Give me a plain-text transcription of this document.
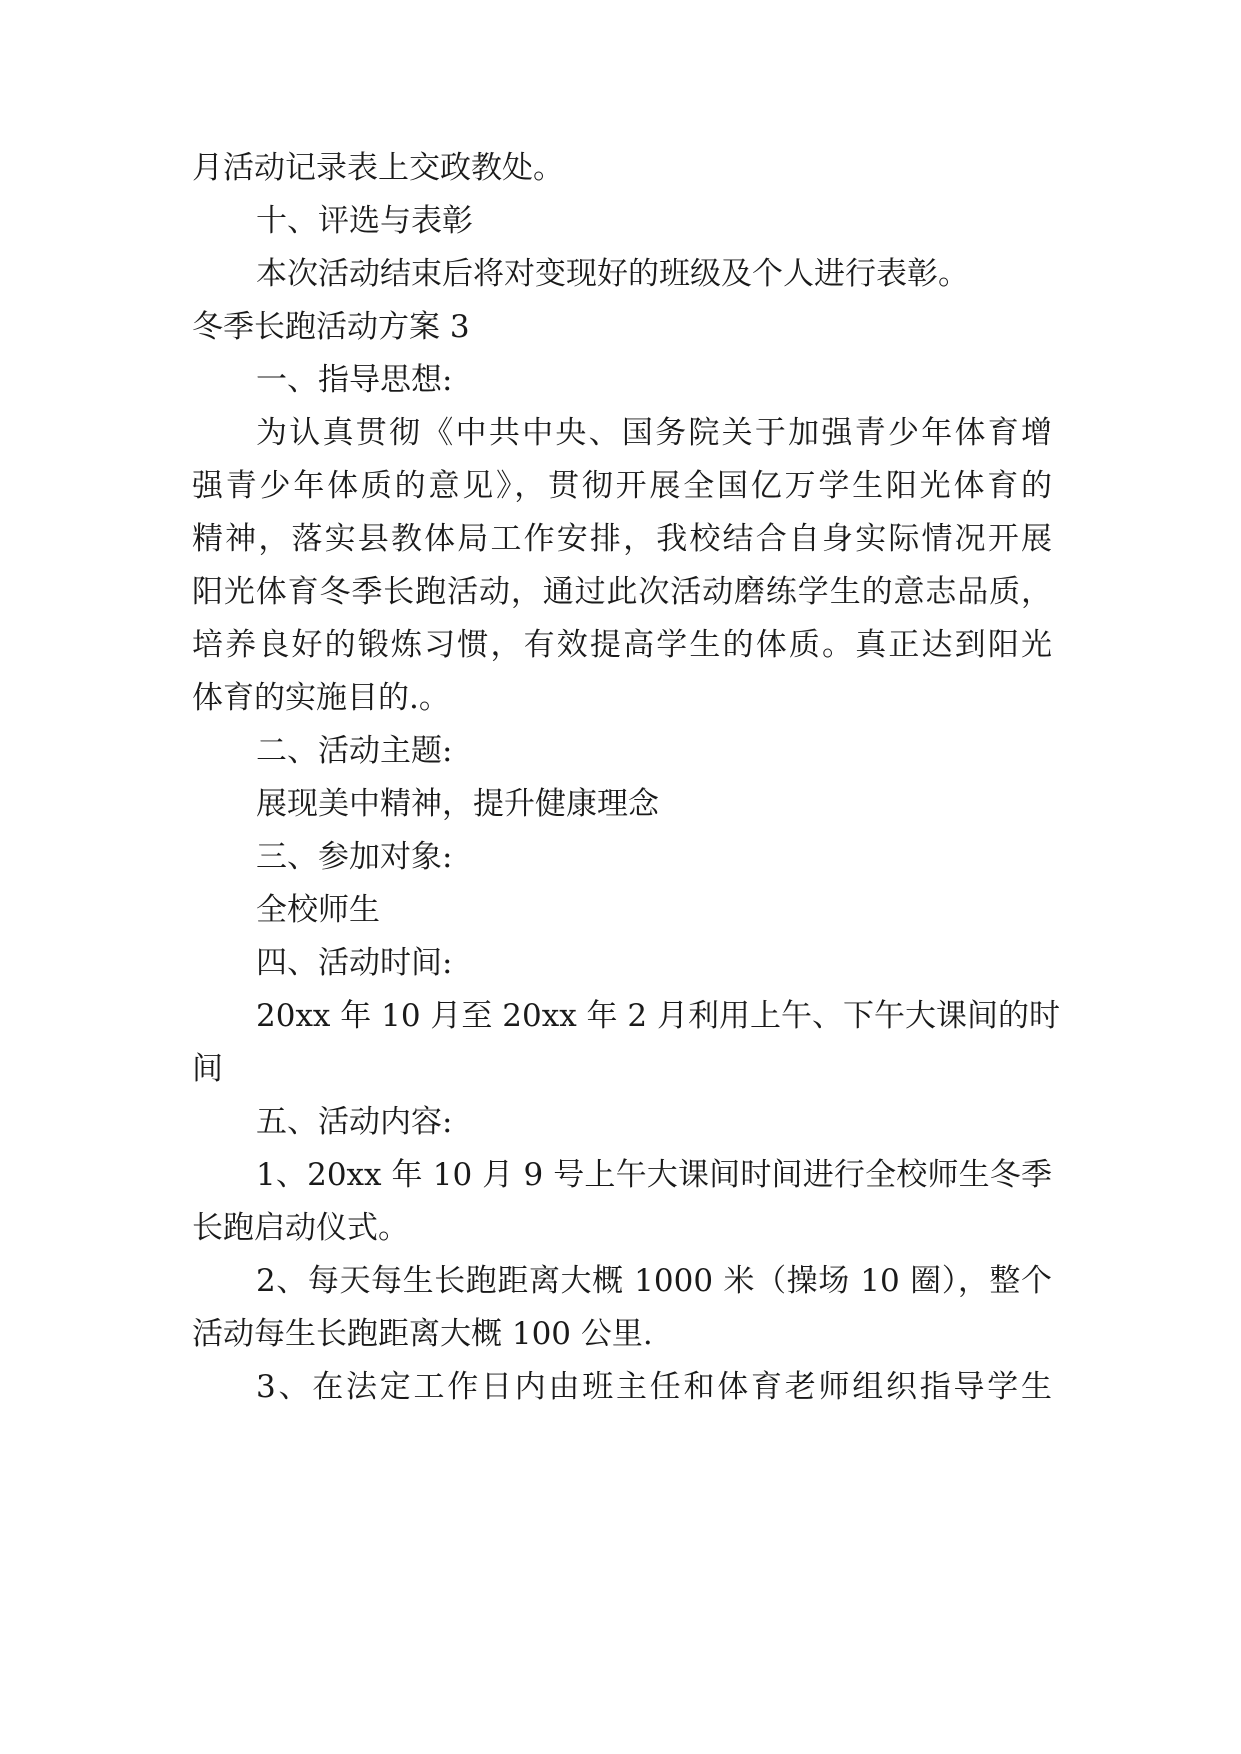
月活动记录表上交政教处。
十、评选与表彰
本次活动结束后将对变现好的班级及个人进行表彰。
冬季长跑活动方案 3
一、指导思想:
为认真贯彻《中共中央、国务院关于加强青少年体育增
强青少年体质的意见》，贯彻开展全国亿万学生阳光体育的
精神，落实县教体局工作安排，我校结合自身实际情况开展
阳光体育冬季长跑活动，通过此次活动磨练学生的意志品质，
培养良好的锻炼习惯，有效提高学生的体质。真正达到阳光
体育的实施目的.。
二、活动主题:
展现美中精神，提升健康理念
三、参加对象:
全校师生
四、活动时间:
20xx 年 10 月至 20xx 年 2 月利用上午、下午大课间的时
间
五、活动内容:
1、20xx 年 10 月 9 号上午大课间时间进行全校师生冬季
长跑启动仪式。
2、每天每生长跑距离大概 1000 米（操场 10 圈），整个
活动每生长跑距离大概 100 公里.
3、在法定工作日内由班主任和体育老师组织指导学生
